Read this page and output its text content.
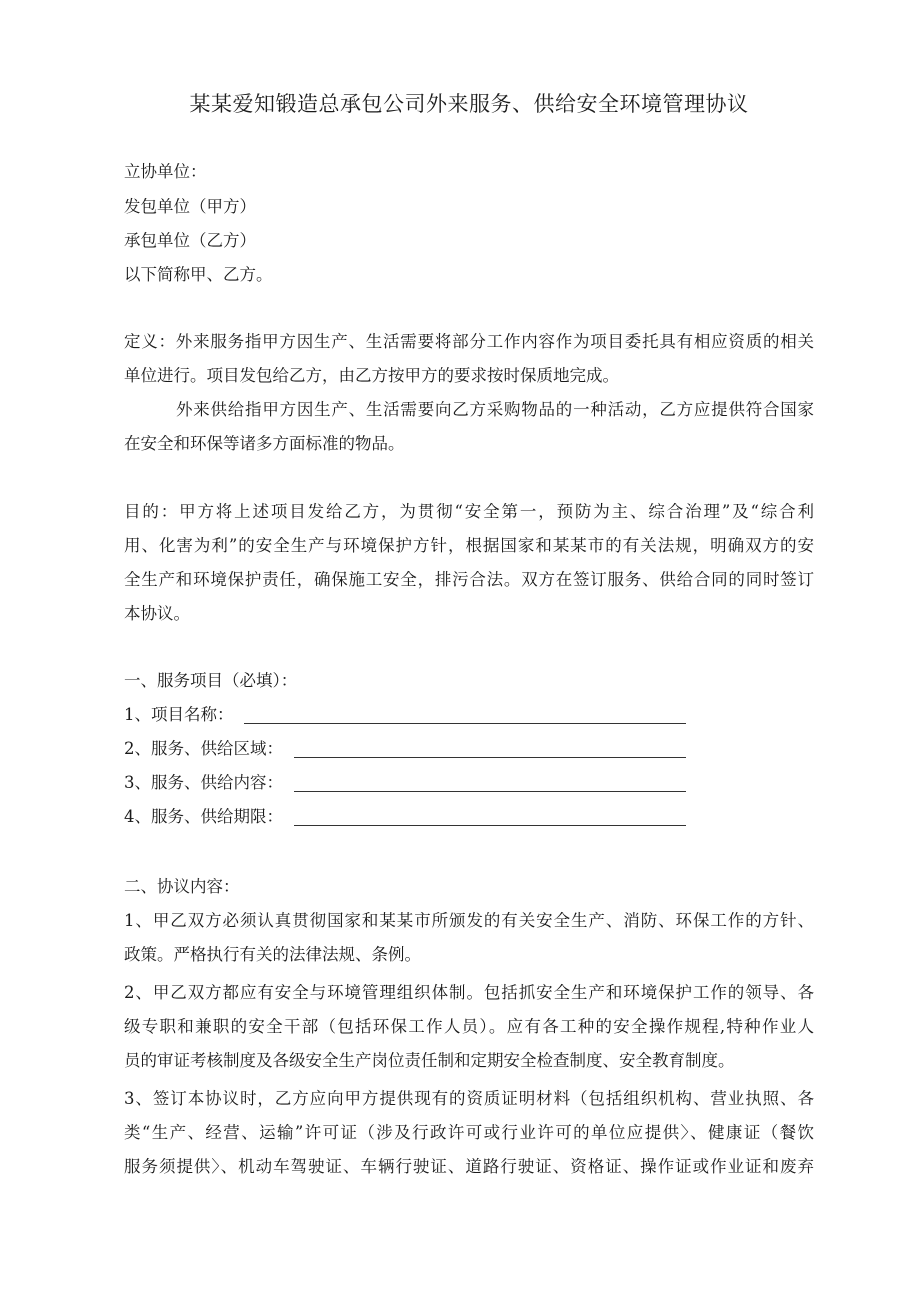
某某爱知锻造总承包公司外来服务、供给安全环境管理协议
立协单位：
发包单位（甲方）
承包单位（乙方）
以下简称甲、乙方。
定义：外来服务指甲方因生产、生活需要将部分工作内容作为项目委托具有相应资质的相关
单位进行。项目发包给乙方，由乙方按甲方的要求按时保质地完成。
外来供给指甲方因生产、生活需要向乙方采购物品的一种活动，乙方应提供符合国家
在安全和环保等诸多方面标准的物品。
目的：甲方将上述项目发给乙方，为贯彻“安全第一，预防为主、综合治理”及“综合利
用、化害为利”的安全生产与环境保护方针，根据国家和某某市的有关法规，明确双方的安
全生产和环境保护责任，确保施工安全，排污合法。双方在签订服务、供给合同的同时签订
本协议。
一、服务项目（必填）：
1、项目名称：
2、服务、供给区域：
3、服务、供给内容：
4、服务、供给期限：
二、协议内容：
1、甲乙双方必须认真贯彻国家和某某市所颁发的有关安全生产、消防、环保工作的方针、
政策。严格执行有关的法律法规、条例。
2、甲乙双方都应有安全与环境管理组织体制。包括抓安全生产和环境保护工作的领导、各
级专职和兼职的安全干部（包括环保工作人员）。应有各工种的安全操作规程,特种作业人
员的审证考核制度及各级安全生产岗位责任制和定期安全检查制度、安全教育制度。
3、签订本协议时，乙方应向甲方提供现有的资质证明材料（包括组织机构、营业执照、各
类“生产、经营、运输”许可证（涉及行政许可或行业许可的单位应提供〉、健康证（餐饮
服务须提供〉、机动车驾驶证、车辆行驶证、道路行驶证、资格证、操作证或作业证和废弃
